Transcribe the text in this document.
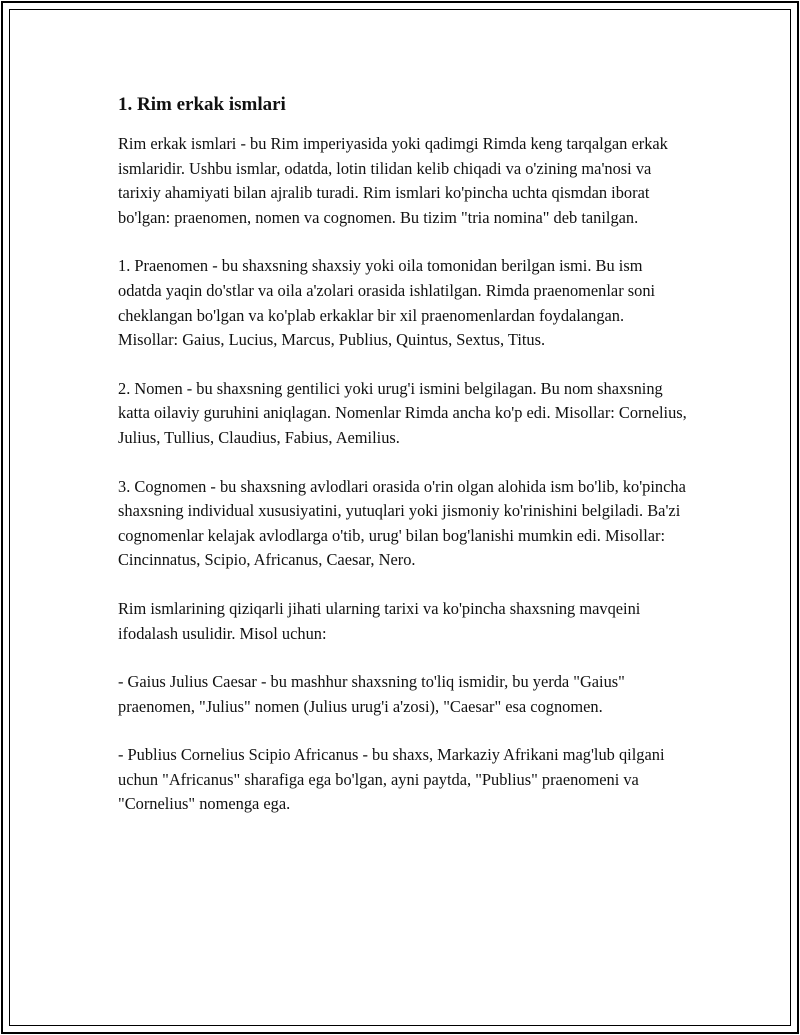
1. Rim erkak ismlari

Rim erkak ismlari - bu Rim imperiyasida yoki qadimgi Rimda keng tarqalgan erkak ismlaridir. Ushbu ismlar, odatda, lotin tilidan kelib chiqadi va o'zining ma'nosi va tarixiy ahamiyati bilan ajralib turadi. Rim ismlari ko'pincha uchta qismdan iborat bo'lgan: praenomen, nomen va cognomen. Bu tizim "tria nomina" deb tanilgan.

1. Praenomen - bu shaxsning shaxsiy yoki oila tomonidan berilgan ismi. Bu ism odatda yaqin do'stlar va oila a'zolari orasida ishlatilgan. Rimda praenomenlar soni cheklangan bo'lgan va ko'plab erkaklar bir xil praenomenlardan foydalangan. Misollar: Gaius, Lucius, Marcus, Publius, Quintus, Sextus, Titus.

2. Nomen - bu shaxsning gentilici yoki urug'i ismini belgilagan. Bu nom shaxsning katta oilaviy guruhini aniqlagan. Nomenlar Rimda ancha ko'p edi. Misollar: Cornelius, Julius, Tullius, Claudius, Fabius, Aemilius.

3. Cognomen - bu shaxsning avlodlari orasida o'rin olgan alohida ism bo'lib, ko'pincha shaxsning individual xususiyatini, yutuqlari yoki jismoniy ko'rinishini belgiladi. Ba'zi cognomenlar kelajak avlodlarga o'tib, urug' bilan bog'lanishi mumkin edi. Misollar: Cincinnatus, Scipio, Africanus, Caesar, Nero.

Rim ismlarining qiziqarli jihati ularning tarixi va ko'pincha shaxsning mavqeini ifodalash usulidir. Misol uchun:

- Gaius Julius Caesar - bu mashhur shaxsning to'liq ismidir, bu yerda "Gaius" praenomen, "Julius" nomen (Julius urug'i a'zosi), "Caesar" esa cognomen.

- Publius Cornelius Scipio Africanus - bu shaxs, Markaziy Afrikani mag'lub qilgani uchun "Africanus" sharafiga ega bo'lgan, ayni paytda, "Publius" praenomeni va "Cornelius" nomenga ega.
